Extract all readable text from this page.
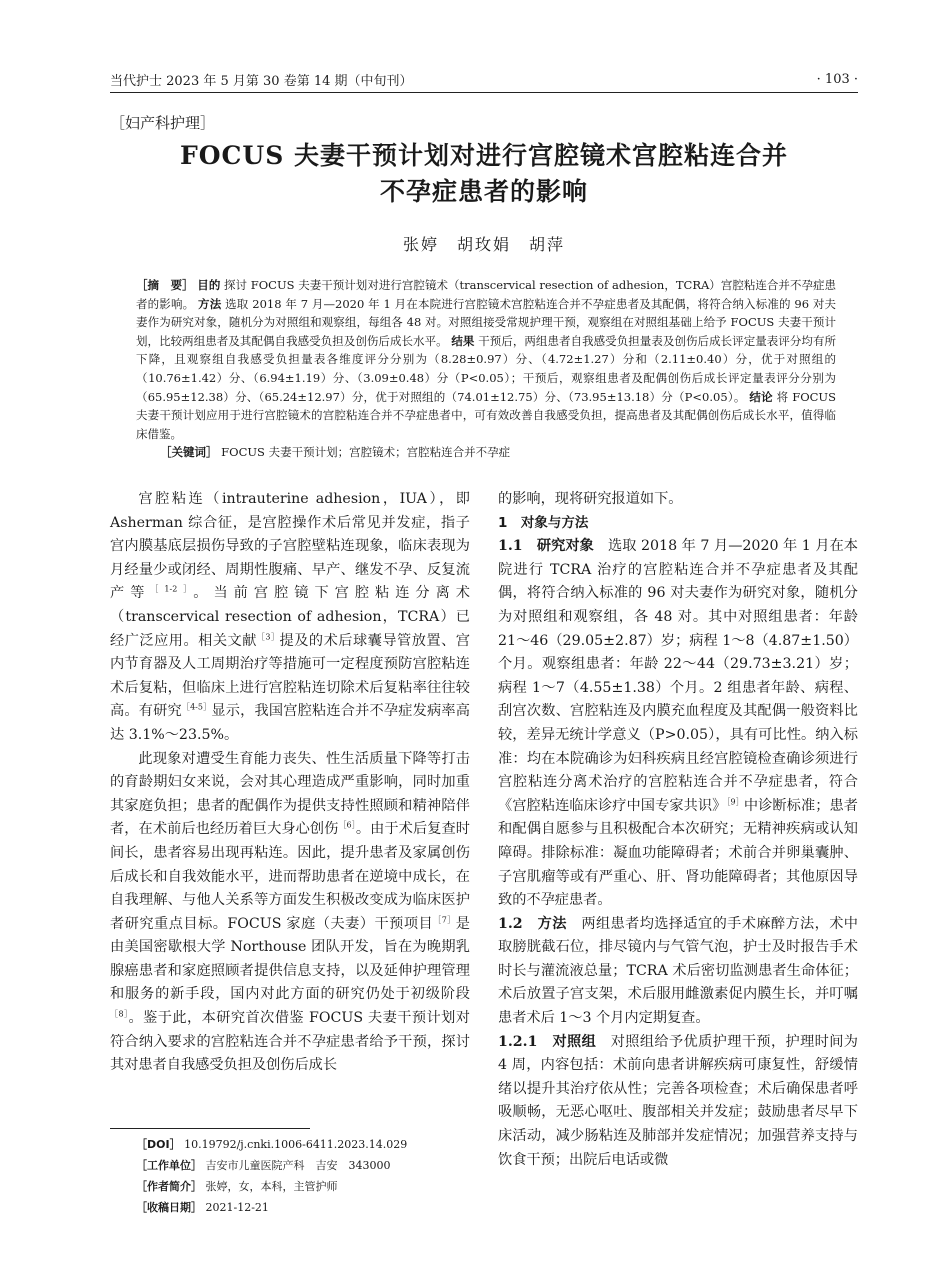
当代护士 2023 年 5 月第 30 卷第 14 期（中旬刊）	· 103 ·
［妇产科护理］
FOCUS 夫妻干预计划对进行宫腔镜术宫腔粘连合并
不孕症患者的影响
张婷　胡玫娟　胡萍
［摘　要］ 目的 探讨 FOCUS 夫妻干预计划对进行宫腔镜术（transcervical resection of adhesion，TCRA）宫腔粘连合并不孕症患者的影响。 方法 选取 2018 年 7 月—2020 年 1 月在本院进行宫腔镜术宫腔粘连合并不孕症患者及其配偶，将符合纳入标准的 96 对夫妻作为研究对象，随机分为对照组和观察组，每组各 48 对。对照组接受常规护理干预，观察组在对照组基础上给予 FOCUS 夫妻干预计划，比较两组患者及其配偶自我感受负担及创伤后成长水平。 结果 干预后，两组患者自我感受负担量表及创伤后成长评定量表评分均有所下降，且观察组自我感受负担量表各维度评分分别为（8.28±0.97）分、（4.72±1.27）分和（2.11±0.40）分，优于对照组的（10.76±1.42）分、（6.94±1.19）分、（3.09±0.48）分（P<0.05）；干预后，观察组患者及配偶创伤后成长评定量表评分分别为（65.95±12.38）分、（65.24±12.97）分，优于对照组的（74.01±12.75）分、（73.95±13.18）分（P<0.05）。 结论 将 FOCUS 夫妻干预计划应用于进行宫腔镜术的宫腔粘连合并不孕症患者中，可有效改善自我感受负担，提高患者及其配偶创伤后成长水平，值得临床借鉴。
［关键词］ FOCUS 夫妻干预计划；宫腔镜术；宫腔粘连合并不孕症

宫腔粘连（intrauterine adhesion，IUA），即 Asherman 综合征，是宫腔操作术后常见并发症，指子宫内膜基底层损伤导致的子宫腔壁粘连现象，临床表现为月经量少或闭经、周期性腹痛、早产、继发不孕、反复流产等$^{[1-2]}$。当前宫腔镜下宫腔粘连分离术（transcervical resection of adhesion，TCRA）已经广泛应用。相关文献$^{[3]}$提及的术后球囊导管放置、宫内节育器及人工周期治疗等措施可一定程度预防宫腔粘连术后复粘，但临床上进行宫腔粘连切除术后复粘率往往较高。有研究$^{[4-5]}$显示，我国宫腔粘连合并不孕症发病率高达 3.1%～23.5%。

此现象对遭受生育能力丧失、性生活质量下降等打击的育龄期妇女来说，会对其心理造成严重影响，同时加重其家庭负担；患者的配偶作为提供支持性照顾和精神陪伴者，在术前后也经历着巨大身心创伤$^{[6]}$。由于术后复查时间长，患者容易出现再粘连。因此，提升患者及家属创伤后成长和自我效能水平，进而帮助患者在逆境中成长，在自我理解、与他人关系等方面发生积极改变成为临床医护者研究重点目标。FOCUS 家庭（夫妻）干预项目$^{[7]}$是由美国密歇根大学 Northouse 团队开发，旨在为晚期乳腺癌患者和家庭照顾者提供信息支持，以及延伸护理管理和服务的新手段，国内对此方面的研究仍处于初级阶段$^{[8]}$。鉴于此，本研究首次借鉴 FOCUS 夫妻干预计划对符合纳入要求的宫腔粘连合并不孕症患者给予干预，探讨其对患者自我感受负担及创伤后成长

的影响，现将研究报道如下。

1　对象与方法

1.1　研究对象　 选取 2018 年 7 月—2020 年 1 月在本院进行 TCRA 治疗的宫腔粘连合并不孕症患者及其配偶，将符合纳入标准的 96 对夫妻作为研究对象，随机分为对照组和观察组，各 48 对。其中对照组患者：年龄 21～46（29.05±2.87）岁；病程 1～8（4.87±1.50）个月。观察组患者：年龄 22～44（29.73±3.21）岁；病程 1～7（4.55±1.38）个月。2 组患者年龄、病程、刮宫次数、宫腔粘连及内膜充血程度及其配偶一般资料比较，差异无统计学意义（P>0.05），具有可比性。纳入标准：均在本院确诊为妇科疾病且经宫腔镜检查确诊须进行宫腔粘连分离术治疗的宫腔粘连合并不孕症患者，符合《宫腔粘连临床诊疗中国专家共识》$^{[9]}$中诊断标准；患者和配偶自愿参与且积极配合本次研究；无精神疾病或认知障碍。排除标准：凝血功能障碍者；术前合并卵巢囊肿、子宫肌瘤等或有严重心、肝、肾功能障碍者；其他原因导致的不孕症患者。

1.2　方法　 两组患者均选择适宜的手术麻醉方法，术中取膀胱截石位，排尽镜内与气管气泡，护士及时报告手术时长与灌流液总量；TCRA 术后密切监测患者生命体征；术后放置子宫支架，术后服用雌激素促内膜生长，并叮嘱患者术后 1～3 个月内定期复查。

1.2.1　对照组　 对照组给予优质护理干预，护理时间为 4 周，内容包括：术前向患者讲解疾病可康复性，舒缓情绪以提升其治疗依从性；完善各项检查；术后确保患者呼吸顺畅，无恶心呕吐、腹部相关并发症；鼓励患者尽早下床活动，减少肠粘连及肺部并发症情况；加强营养支持与饮食干预；出院后电话或微

［DOI］ 10.19792/j.cnki.1006-6411.2023.14.029
［工作单位］ 吉安市儿童医院产科　吉安　343000
［作者简介］ 张婷，女，本科，主管护师
［收稿日期］ 2021-12-21
